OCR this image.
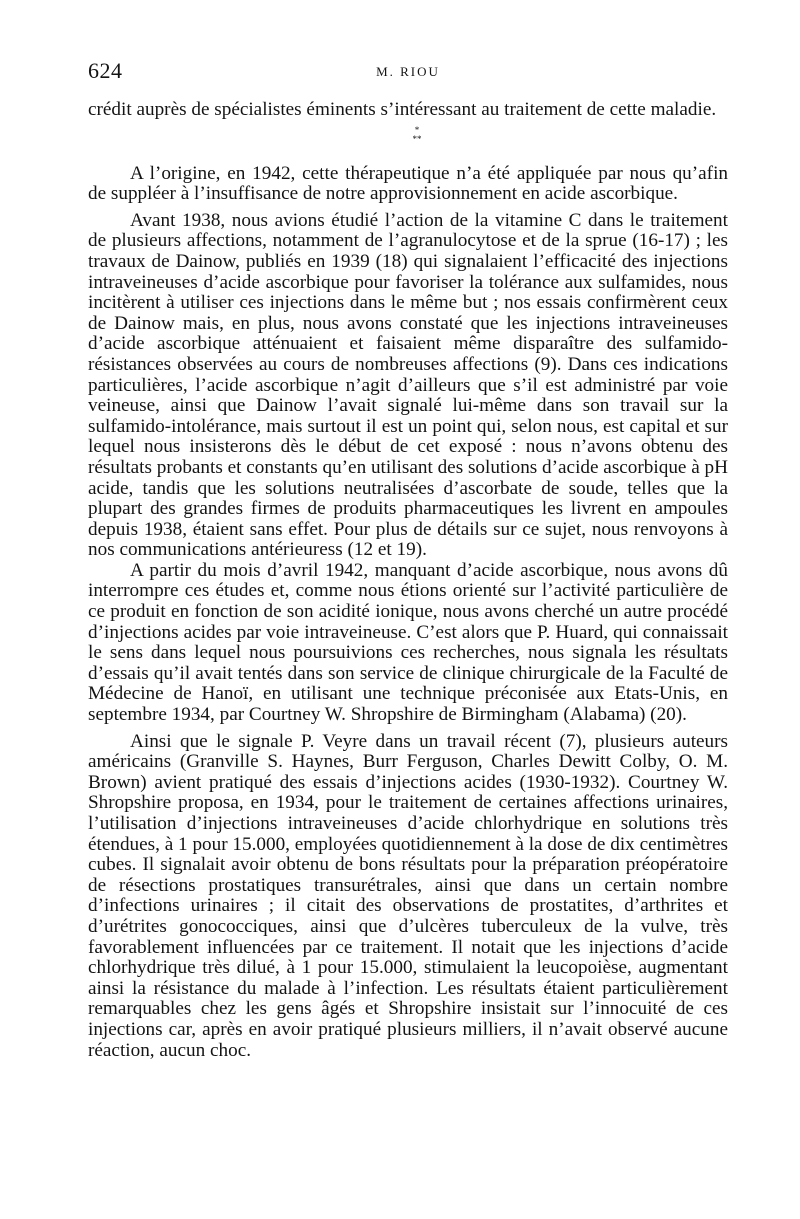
624	M. RIOU

crédit auprès de spécialistes éminents s’intéressant au traitement de cette maladie.

*
**

A l’origine, en 1942, cette thérapeutique n’a été appliquée par nous qu’afin de suppléer à l’insuffisance de notre approvisionnement en acide ascorbique.

Avant 1938, nous avions étudié l’action de la vitamine C dans le traitement de plusieurs affections, notamment de l’agranulocytose et de la sprue (16-17) ; les travaux de Dainow, publiés en 1939 (18) qui signalaient l’efficacité des injections intraveineuses d’acide ascorbique pour favoriser la tolérance aux sulfamides, nous incitèrent à utiliser ces injections dans le même but ; nos essais confirmèrent ceux de Dainow mais, en plus, nous avons constaté que les injections intraveineuses d’acide ascorbique atténuaient et faisaient même disparaître des sulfamido-résistances observées au cours de nombreuses affections (9). Dans ces indications particulières, l’acide ascorbique n’agit d’ailleurs que s’il est administré par voie veineuse, ainsi que Dainow l’avait signalé lui-même dans son travail sur la sulfamido-intolérance, mais surtout il est un point qui, selon nous, est capital et sur lequel nous insisterons dès le début de cet exposé : nous n’avons obtenu des résultats probants et constants qu’en utilisant des solutions d’acide ascorbique à pH acide, tandis que les solutions neutralisées d’ascorbate de soude, telles que la plupart des grandes firmes de produits pharmaceutiques les livrent en ampoules depuis 1938, étaient sans effet. Pour plus de détails sur ce sujet, nous renvoyons à nos communications antérieuress (12 et 19).

A partir du mois d’avril 1942, manquant d’acide ascorbique, nous avons dû interrompre ces études et, comme nous étions orienté sur l’activité particulière de ce produit en fonction de son acidité ionique, nous avons cherché un autre procédé d’injections acides par voie intraveineuse. C’est alors que P. Huard, qui connaissait le sens dans lequel nous poursuivions ces recherches, nous signala les résultats d’essais qu’il avait tentés dans son service de clinique chirurgicale de la Faculté de Médecine de Hanoï, en utilisant une technique préconisée aux Etats-Unis, en septembre 1934, par Courtney W. Shropshire de Birmingham (Alabama) (20).

Ainsi que le signale P. Veyre dans un travail récent (7), plusieurs auteurs américains (Granville S. Haynes, Burr Ferguson, Charles Dewitt Colby, O. M. Brown) avient pratiqué des essais d’injections acides (1930-1932). Courtney W. Shropshire proposa, en 1934, pour le traitement de certaines affections urinaires, l’utilisation d’injections intraveineuses d’acide chlorhydrique en solutions très étendues, à 1 pour 15.000, employées quotidiennement à la dose de dix centimètres cubes. Il signalait avoir obtenu de bons résultats pour la préparation préopératoire de résections prostatiques transurétrales, ainsi que dans un certain nombre d’infections urinaires ; il citait des observations de prostatites, d’arthrites et d’urétrites gonococciques, ainsi que d’ulcères tuberculeux de la vulve, très favorablement influencées par ce traitement. Il notait que les injections d’acide chlorhydrique très dilué, à 1 pour 15.000, stimulaient la leucopoièse, augmentant ainsi la résistance du malade à l’infection. Les résultats étaient particulièrement remarquables chez les gens âgés et Shropshire insistait sur l’innocuité de ces injections car, après en avoir pratiqué plusieurs milliers, il n’avait observé aucune réaction, aucun choc.
